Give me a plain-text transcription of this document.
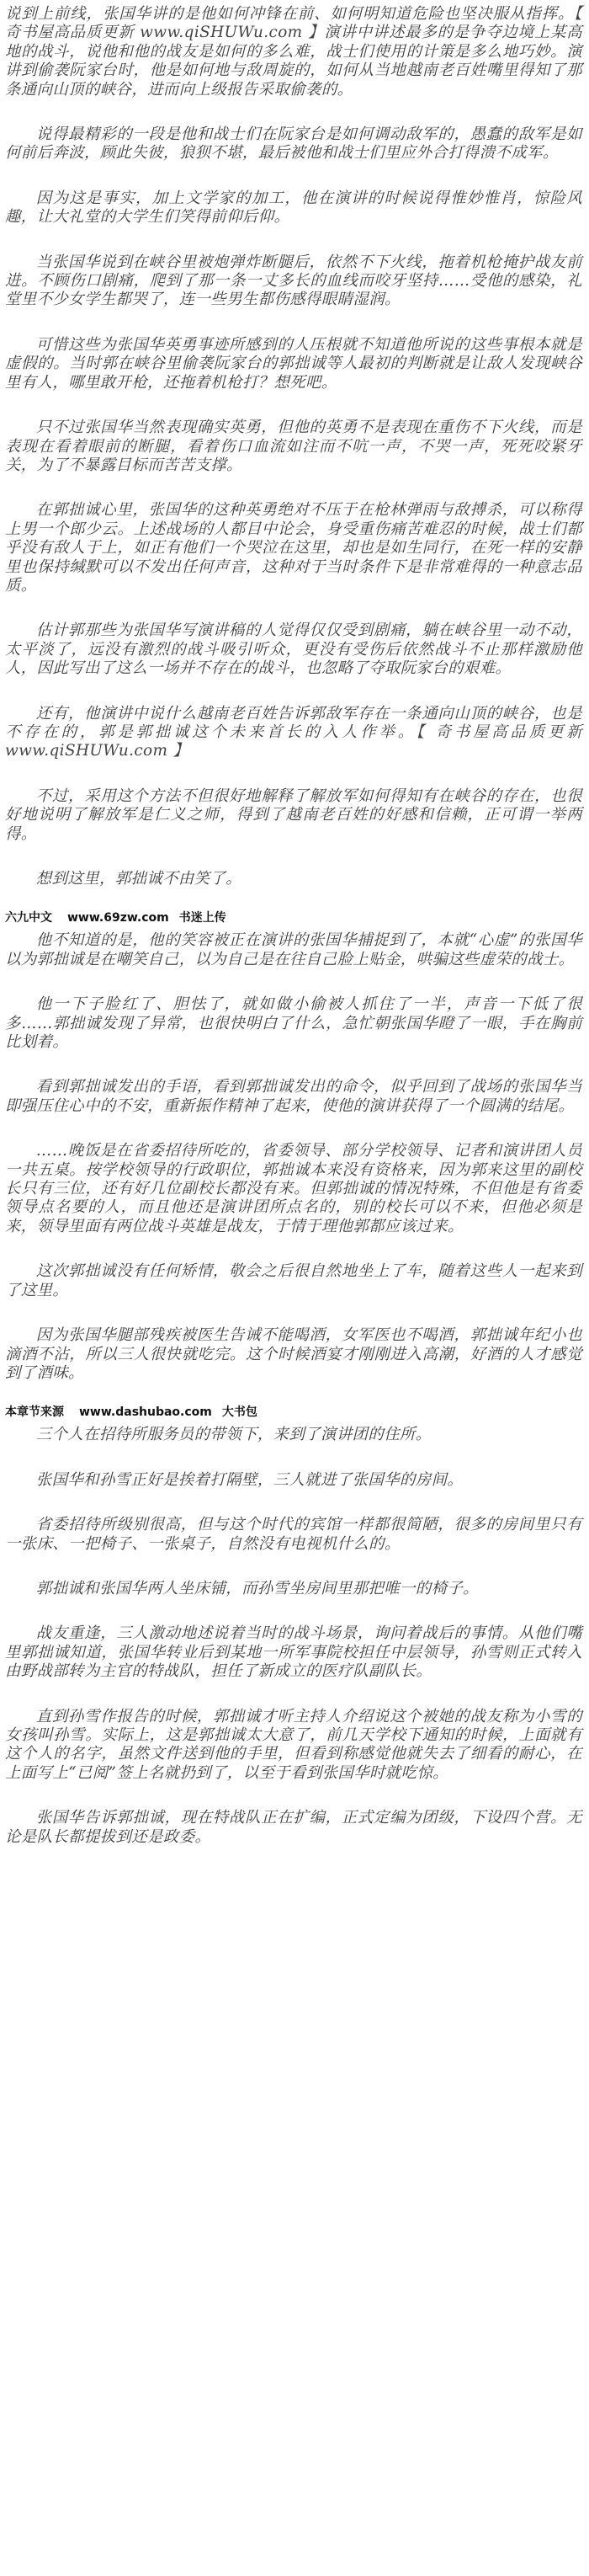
说到上前线，张国华讲的是他如何冲锋在前、如何明知道危险也坚决服从指挥。【 奇书屋高品质更新 www.qiSHUWu.com 】演讲中讲述最多的是争夺边境上某高地的战斗，说他和他的战友是如何的多么难，战士们使用的计策是多么地巧妙。演讲到偷袭阮家台时，他是如何地与敌周旋的，如何从当地越南老百姓嘴里得知了那条通向山顶的峡谷，进而向上级报告采取偷袭的。

说得最精彩的一段是他和战士们在阮家台是如何调动敌军的，愚蠢的敌军是如何前后奔波，顾此失彼，狼狈不堪，最后被他和战士们里应外合打得溃不成军。

因为这是事实，加上文学家的加工，他在演讲的时候说得惟妙惟肖，惊险风趣，让大礼堂的大学生们笑得前仰后仰。

当张国华说到在峡谷里被炮弹炸断腿后，依然不下火线，拖着机枪掩护战友前进。不顾伤口剧痛，爬到了那一条一丈多长的血线而咬牙坚持……受他的感染，礼堂里不少女学生都哭了，连一些男生都伤感得眼睛湿润。

可惜这些为张国华英勇事迹所感到的人压根就不知道他所说的这些事根本就是虚假的。当时郭在峡谷里偷袭阮家台的郭拙诚等人最初的判断就是让敌人发现峡谷里有人，哪里敢开枪，还拖着机枪打？想死吧。

只不过张国华当然表现确实英勇，但他的英勇不是表现在重伤不下火线，而是表现在看着眼前的断腿，看着伤口血流如注而不吭一声，不哭一声，死死咬紧牙关，为了不暴露目标而苦苦支撑。

在郭拙诚心里，张国华的这种英勇绝对不压于在枪林弹雨与敌搏杀，可以称得上男一个郎少云。上述战场的人都目中论会，身受重伤痛苦难忍的时候，战士们都乎没有敌人于上，如正有他们一个哭泣在这里，却也是如生同行，在死一样的安静里也保持缄默可以不发出任何声音，这种对于当时条件下是非常难得的一种意志品质。

估计郭那些为张国华写演讲稿的人觉得仅仅受到剧痛，躺在峡谷里一动不动，太平淡了，远没有激烈的战斗吸引听众，更没有受伤后依然战斗不止那样激励他人，因此写出了这么一场并不存在的战斗，也忽略了夺取阮家台的艰难。

还有，他演讲中说什么越南老百姓告诉郭敌军存在一条通向山顶的峡谷，也是不存在的，郭是郭拙诚这个未来首长的入人作举。【 奇书屋高品质更新 www.qiSHUWu.com 】

不过，采用这个方法不但很好地解释了解放军如何得知有在峡谷的存在，也很好地说明了解放军是仁义之师，得到了越南老百姓的好感和信赖，正可谓一举两得。

想到这里，郭拙诚不由笑了。

六九中文 www.69zw.com 书迷上传

他不知道的是，他的笑容被正在演讲的张国华捕捉到了，本就“心虚”的张国华以为郭拙诚是在嘲笑自己，以为自己是在往自己脸上贴金，哄骗这些虚荣的战士。

他一下子脸红了、胆怯了，就如做小偷被人抓住了一半，声音一下低了很多……郭拙诚发现了异常，也很快明白了什么，急忙朝张国华瞪了一眼，手在胸前比划着。

看到郭拙诚发出的手语，看到郭拙诚发出的命令，似乎回到了战场的张国华当即强压住心中的不安，重新振作精神了起来，使他的演讲获得了一个圆满的结尾。

……晚饭是在省委招待所吃的，省委领导、部分学校领导、记者和演讲团人员一共五桌。按学校领导的行政职位，郭拙诚本来没有资格来，因为郭来这里的副校长只有三位，还有好几位副校长都没有来。但郭拙诚的情况特殊，不但他是有省委领导点名要的人，而且他还是演讲团所点名的，别的校长可以不来，但他必须是来，领导里面有两位战斗英雄是战友，于情于理他郭都应该过来。

这次郭拙诚没有任何矫情，敬会之后很自然地坐上了车，随着这些人一起来到了这里。

因为张国华腿部残疾被医生告诫不能喝酒，女军医也不喝酒，郭拙诚年纪小也滴酒不沾，所以三人很快就吃完。这个时候酒宴才刚刚进入高潮，好酒的人才感觉到了酒味。

本章节来源 www.dashubao.com 大书包

三个人在招待所服务员的带领下，来到了演讲团的住所。

张国华和孙雪正好是挨着打隔壁，三人就进了张国华的房间。

省委招待所级别很高，但与这个时代的宾馆一样都很简陋，很多的房间里只有一张床、一把椅子、一张桌子，自然没有电视机什么的。

郭拙诚和张国华两人坐床铺，而孙雪坐房间里那把唯一的椅子。

战友重逢，三人激动地述说着当时的战斗场景，询问着战后的事情。从他们嘴里郭拙诚知道，张国华转业后到某地一所军事院校担任中层领导，孙雪则正式转入由野战部转为主官的特战队，担任了新成立的医疗队副队长。

直到孙雪作报告的时候，郭拙诚才听主持人介绍说这个被她的战友称为小雪的女孩叫孙雪。实际上，这是郭拙诚太大意了，前几天学校下通知的时候，上面就有这个人的名字，虽然文件送到他的手里，但看到称感觉他就失去了细看的耐心，在上面写上“已阅”签上名就扔到了，以至于看到张国华时就吃惊。

张国华告诉郭拙诚，现在特战队正在扩编，正式定编为团级，下设四个营。无论是队长都提拔到还是政委。
